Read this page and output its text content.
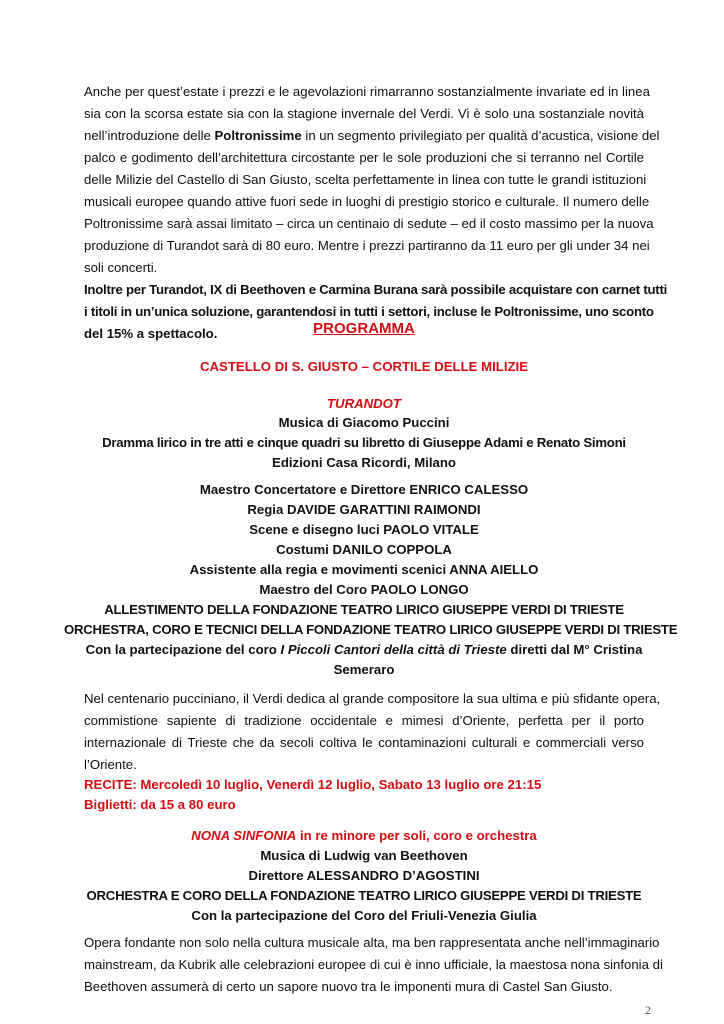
Anche per quest’estate i prezzi e le agevolazioni rimarranno sostanzialmente invariate ed in linea
sia con la scorsa estate sia con la stagione invernale del Verdi. Vi è solo una sostanziale novità
nell’introduzione delle Poltronissime in un segmento privilegiato per qualità d’acustica, visione del
palco e godimento dell’architettura circostante per le sole produzioni che si terranno nel Cortile
delle Milizie del Castello di San Giusto, scelta perfettamente in linea con tutte le grandi istituzioni
musicali europee quando attive fuori sede in luoghi di prestigio storico e culturale. Il numero delle
Poltronissime sarà assai limitato – circa un centinaio di sedute – ed il costo massimo per la nuova
produzione di Turandot sarà di 80 euro. Mentre i prezzi partiranno da 11 euro per gli under 34 nei
soli concerti.
Inoltre per Turandot, IX di Beethoven e Carmina Burana sarà possibile acquistare con carnet tutti
i titoli in un’unica soluzione, garantendosi in tutti i settori, incluse le Poltronissime, uno sconto
del 15% a spettacolo.	PROGRAMMA
CASTELLO DI S. GIUSTO – CORTILE DELLE MILIZIE
TURANDOT
Musica di Giacomo Puccini
Dramma lirico in tre atti e cinque quadri su libretto di Giuseppe Adami e Renato Simoni
Edizioni Casa Ricordi, Milano
Maestro Concertatore e Direttore ENRICO CALESSO
Regia DAVIDE GARATTINI RAIMONDI
Scene e disegno luci PAOLO VITALE
Costumi DANILO COPPOLA
Assistente alla regia e movimenti scenici ANNA AIELLO
Maestro del Coro PAOLO LONGO
ALLESTIMENTO DELLA FONDAZIONE TEATRO LIRICO GIUSEPPE VERDI DI TRIESTE
ORCHESTRA, CORO E TECNICI DELLA FONDAZIONE TEATRO LIRICO GIUSEPPE VERDI DI TRIESTE
Con la partecipazione del coro I Piccoli Cantori della città di Trieste diretti dal M° Cristina
Semeraro
Nel centenario pucciniano, il Verdi dedica al grande compositore la sua ultima e più sfidante opera,
commistione sapiente di tradizione occidentale e mimesi d’Oriente, perfetta per il porto
internazionale di Trieste che da secoli coltiva le contaminazioni culturali e commerciali verso
l’Oriente.
RECITE: Mercoledì 10 luglio, Venerdì 12 luglio, Sabato 13 luglio ore 21:15
Biglietti: da 15 a 80 euro
NONA SINFONIA in re minore per soli, coro e orchestra
Musica di Ludwig van Beethoven
Direttore ALESSANDRO D’AGOSTINI
ORCHESTRA E CORO DELLA FONDAZIONE TEATRO LIRICO GIUSEPPE VERDI DI TRIESTE
Con la partecipazione del Coro del Friuli-Venezia Giulia
Opera fondante non solo nella cultura musicale alta, ma ben rappresentata anche nell’immaginario
mainstream, da Kubrik alle celebrazioni europee di cui è inno ufficiale, la maestosa nona sinfonia di
Beethoven assumerà di certo un sapore nuovo tra le imponenti mura di Castel San Giusto.
2
